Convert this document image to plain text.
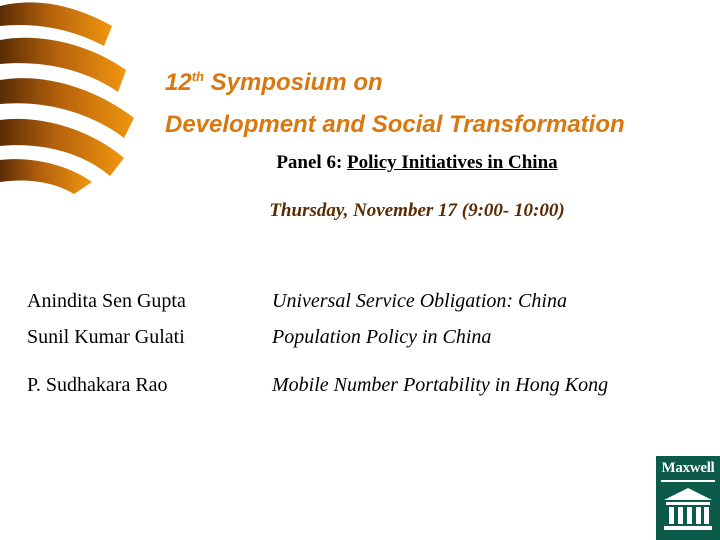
12th Symposium on
Development and Social Transformation
Panel 6: Policy Initiatives in China
Thursday, November 17 (9:00- 10:00)
Anindita Sen Gupta	Universal Service Obligation: China
Sunil Kumar Gulati	Population Policy in China
P. Sudhakara Rao	Mobile Number Portability in Hong Kong
Maxwell
